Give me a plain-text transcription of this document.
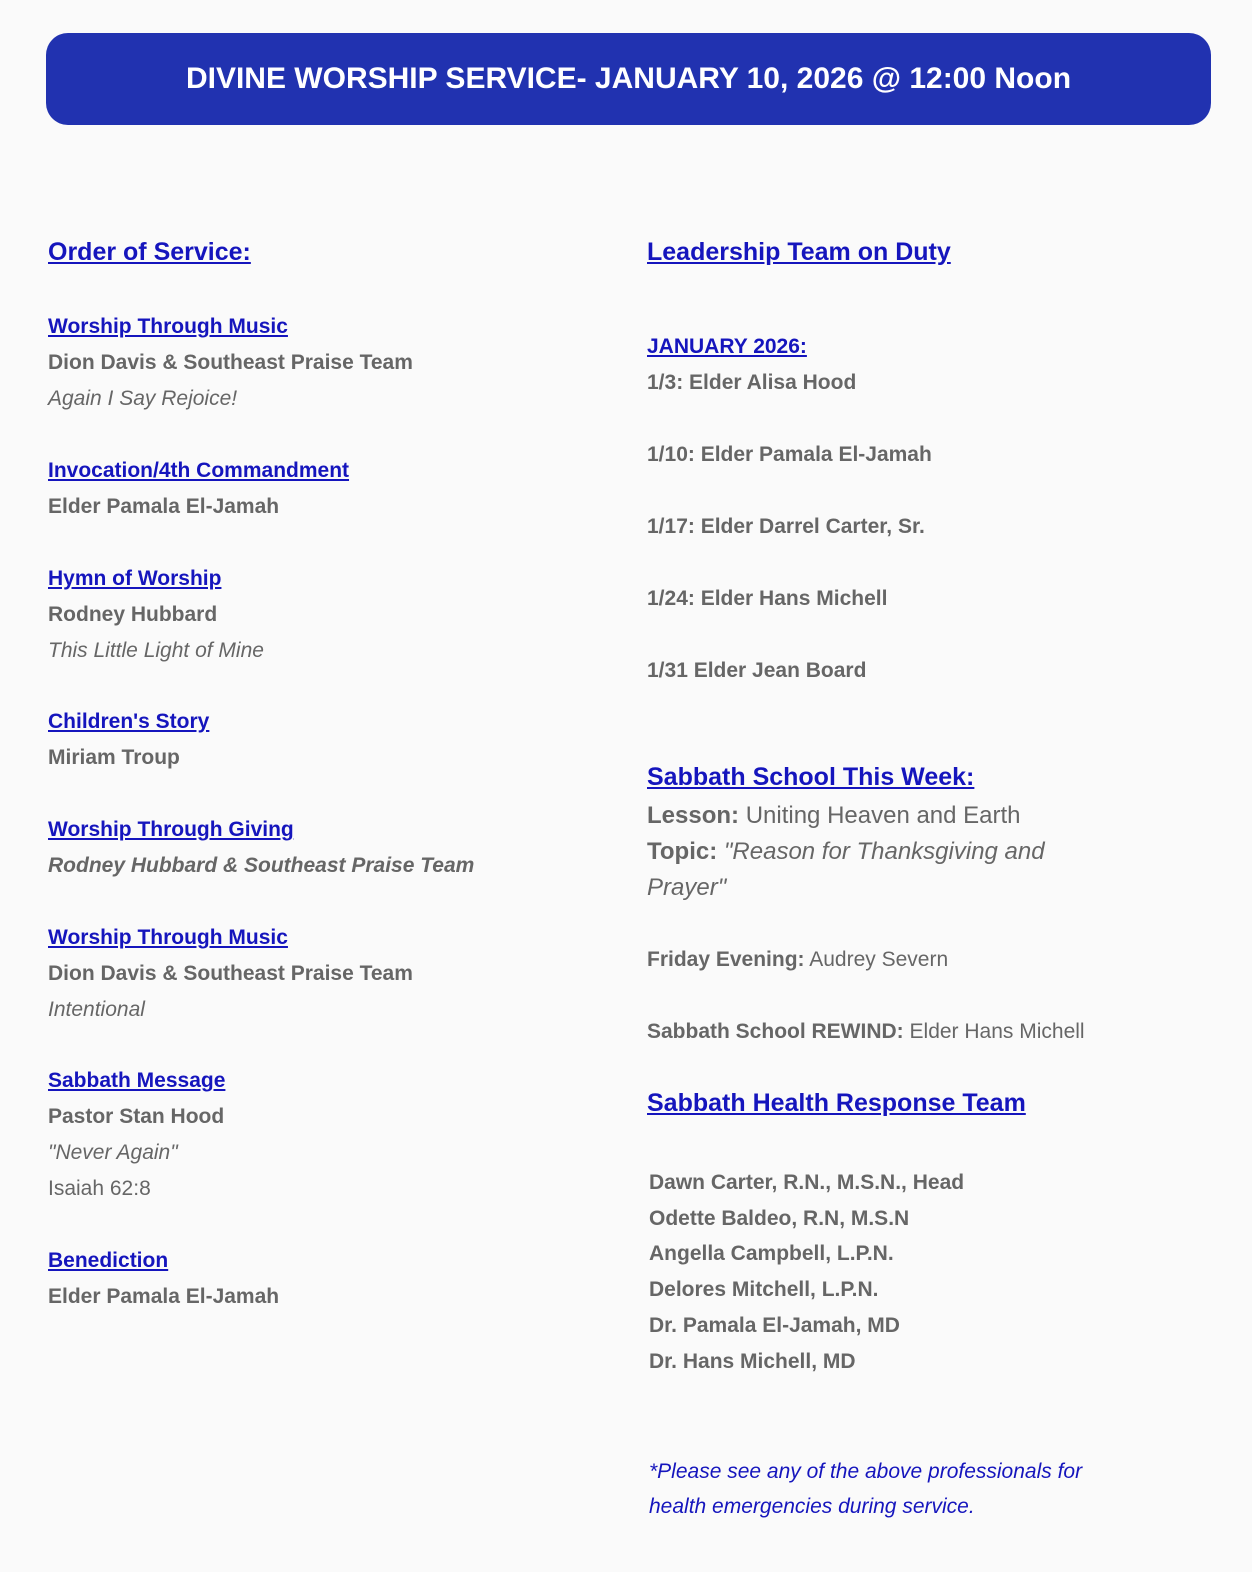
DIVINE WORSHIP SERVICE- JANUARY 10, 2026 @ 12:00 Noon
Order of Service:
Worship Through Music
Dion Davis & Southeast Praise Team
Again I Say Rejoice!
Invocation/4th Commandment
Elder Pamala El-Jamah
Hymn of Worship
Rodney Hubbard
This Little Light of Mine
Children's Story
Miriam Troup
Worship Through Giving
Rodney Hubbard & Southeast Praise Team
Worship Through Music
Dion Davis & Southeast Praise Team
Intentional
Sabbath Message
Pastor Stan Hood
"Never Again"
Isaiah 62:8
Benediction
Elder Pamala El-Jamah
Leadership Team on Duty
JANUARY 2026:
1/3: Elder Alisa Hood
1/10: Elder Pamala El-Jamah
1/17: Elder Darrel Carter, Sr.
1/24: Elder Hans Michell
1/31 Elder Jean Board
Sabbath School This Week:
Lesson: Uniting Heaven and Earth
Topic: "Reason for Thanksgiving and
Prayer"
Friday Evening: Audrey Severn
Sabbath School REWIND: Elder Hans Michell
Sabbath Health Response Team
Dawn Carter, R.N., M.S.N., Head
Odette Baldeo, R.N, M.S.N
Angella Campbell, L.P.N.
Delores Mitchell, L.P.N.
Dr. Pamala El-Jamah, MD
Dr. Hans Michell, MD
*Please see any of the above professionals for
health emergencies during service.
